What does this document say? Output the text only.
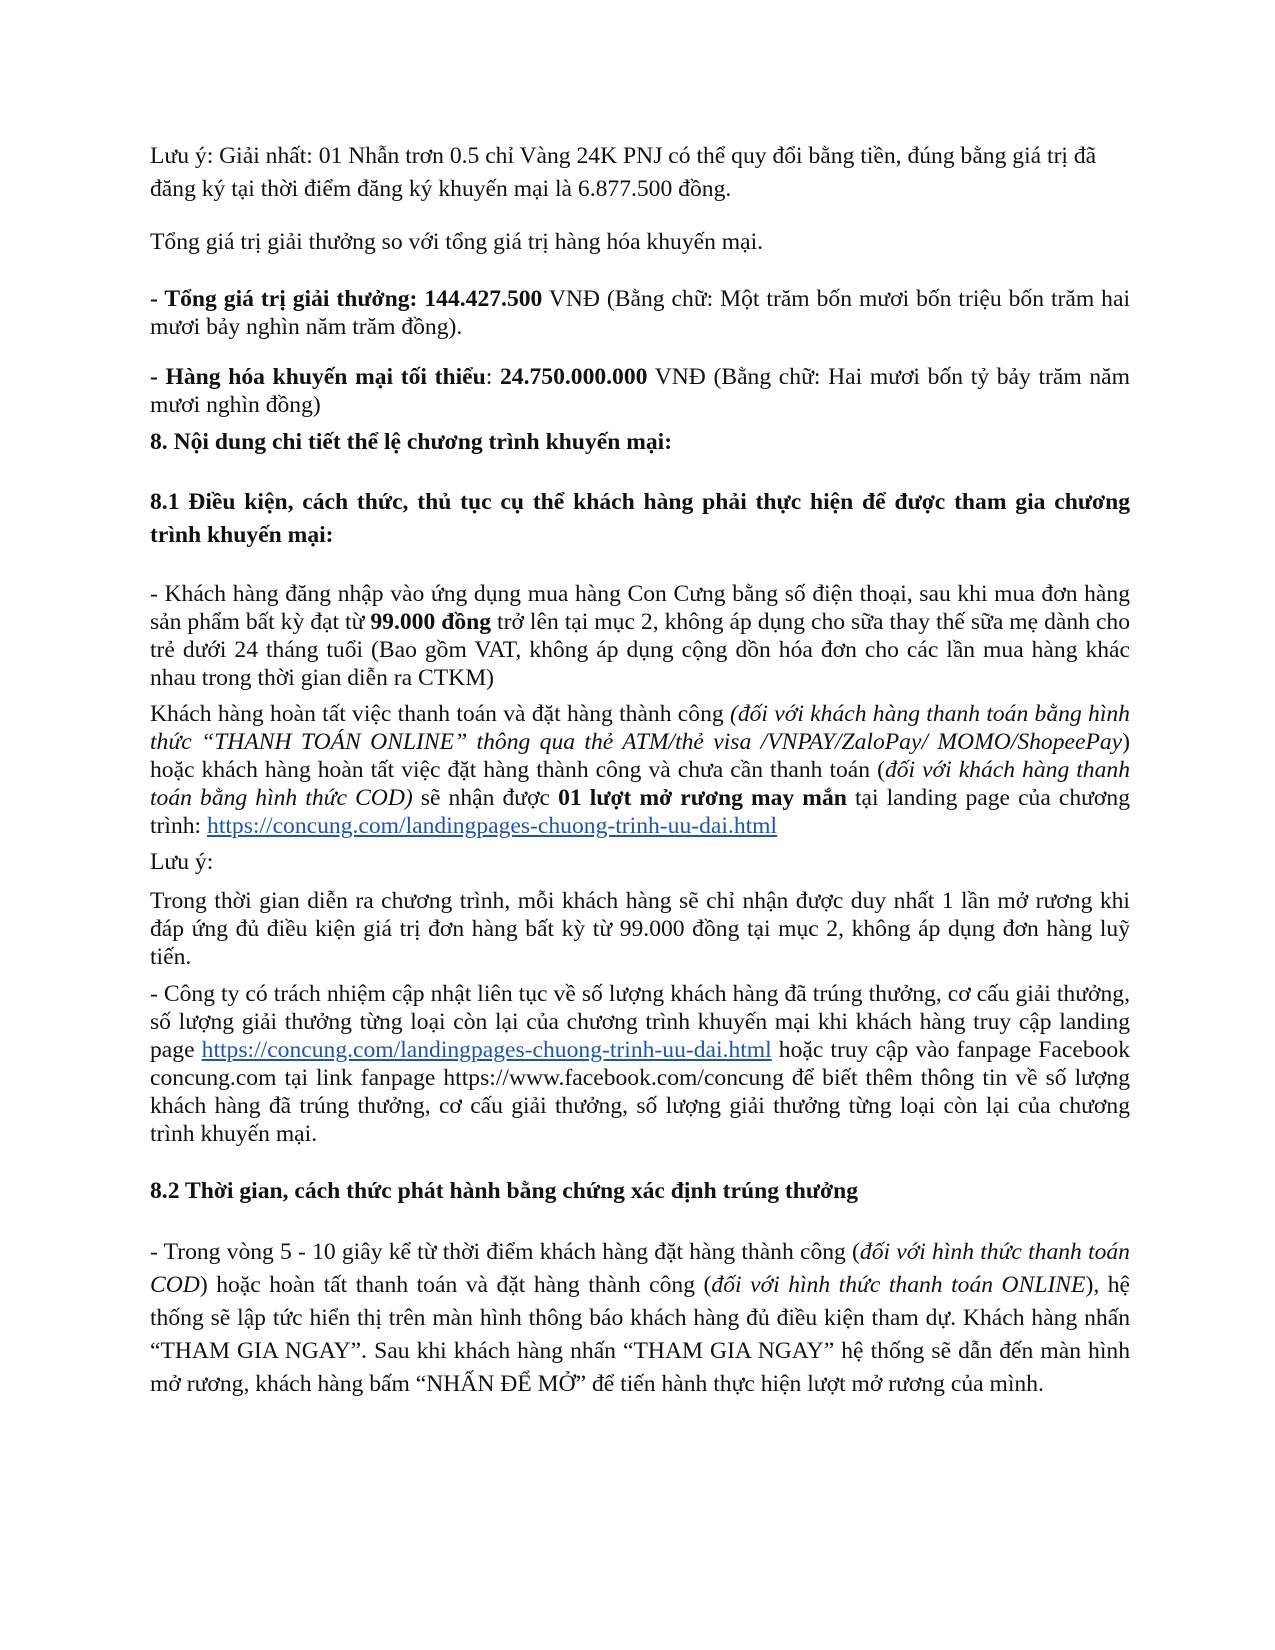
Lưu ý: Giải nhất: 01 Nhẫn trơn 0.5 chỉ Vàng 24K PNJ có thể quy đổi bằng tiền, đúng bằng giá trị đã đăng ký tại thời điểm đăng ký khuyến mại là 6.877.500 đồng.

Tổng giá trị giải thưởng so với tổng giá trị hàng hóa khuyến mại.

- Tổng giá trị giải thưởng: 144.427.500 VNĐ (Bằng chữ: Một trăm bốn mươi bốn triệu bốn trăm hai mươi bảy nghìn năm trăm đồng).

- Hàng hóa khuyến mại tối thiểu: 24.750.000.000 VNĐ (Bằng chữ: Hai mươi bốn tỷ bảy trăm năm mươi nghìn đồng)

8. Nội dung chi tiết thể lệ chương trình khuyến mại:

8.1 Điều kiện, cách thức, thủ tục cụ thể khách hàng phải thực hiện để được tham gia chương trình khuyến mại:

- Khách hàng đăng nhập vào ứng dụng mua hàng Con Cưng bằng số điện thoại, sau khi mua đơn hàng sản phẩm bất kỳ đạt từ 99.000 đồng trở lên tại mục 2, không áp dụng cho sữa thay thế sữa mẹ dành cho trẻ dưới 24 tháng tuổi (Bao gồm VAT, không áp dụng cộng dồn hóa đơn cho các lần mua hàng khác nhau trong thời gian diễn ra CTKM)

Khách hàng hoàn tất việc thanh toán và đặt hàng thành công (đối với khách hàng thanh toán bằng hình thức “THANH TOÁN ONLINE” thông qua thẻ ATM/thẻ visa /VNPAY/ZaloPay/ MOMO/ShopeePay) hoặc khách hàng hoàn tất việc đặt hàng thành công và chưa cần thanh toán (đối với khách hàng thanh toán bằng hình thức COD) sẽ nhận được 01 lượt mở rương may mắn tại landing page của chương trình: https://concung.com/landingpages-chuong-trinh-uu-dai.html

Lưu ý:

Trong thời gian diễn ra chương trình, mỗi khách hàng sẽ chỉ nhận được duy nhất 1 lần mở rương khi đáp ứng đủ điều kiện giá trị đơn hàng bất kỳ từ 99.000 đồng tại mục 2, không áp dụng đơn hàng luỹ tiến.

- Công ty có trách nhiệm cập nhật liên tục về số lượng khách hàng đã trúng thưởng, cơ cấu giải thưởng, số lượng giải thưởng từng loại còn lại của chương trình khuyến mại khi khách hàng truy cập landing page https://concung.com/landingpages-chuong-trinh-uu-dai.html hoặc truy cập vào fanpage Facebook concung.com tại link fanpage https://www.facebook.com/concung để biết thêm thông tin về số lượng khách hàng đã trúng thưởng, cơ cấu giải thưởng, số lượng giải thưởng từng loại còn lại của chương trình khuyến mại.

8.2 Thời gian, cách thức phát hành bằng chứng xác định trúng thưởng

- Trong vòng 5 - 10 giây kể từ thời điểm khách hàng đặt hàng thành công (đối với hình thức thanh toán COD) hoặc hoàn tất thanh toán và đặt hàng thành công (đối với hình thức thanh toán ONLINE), hệ thống sẽ lập tức hiển thị trên màn hình thông báo khách hàng đủ điều kiện tham dự. Khách hàng nhấn “THAM GIA NGAY”. Sau khi khách hàng nhấn “THAM GIA NGAY” hệ thống sẽ dẫn đến màn hình mở rương, khách hàng bấm “NHẤN ĐỂ MỞ” để tiến hành thực hiện lượt mở rương của mình.
